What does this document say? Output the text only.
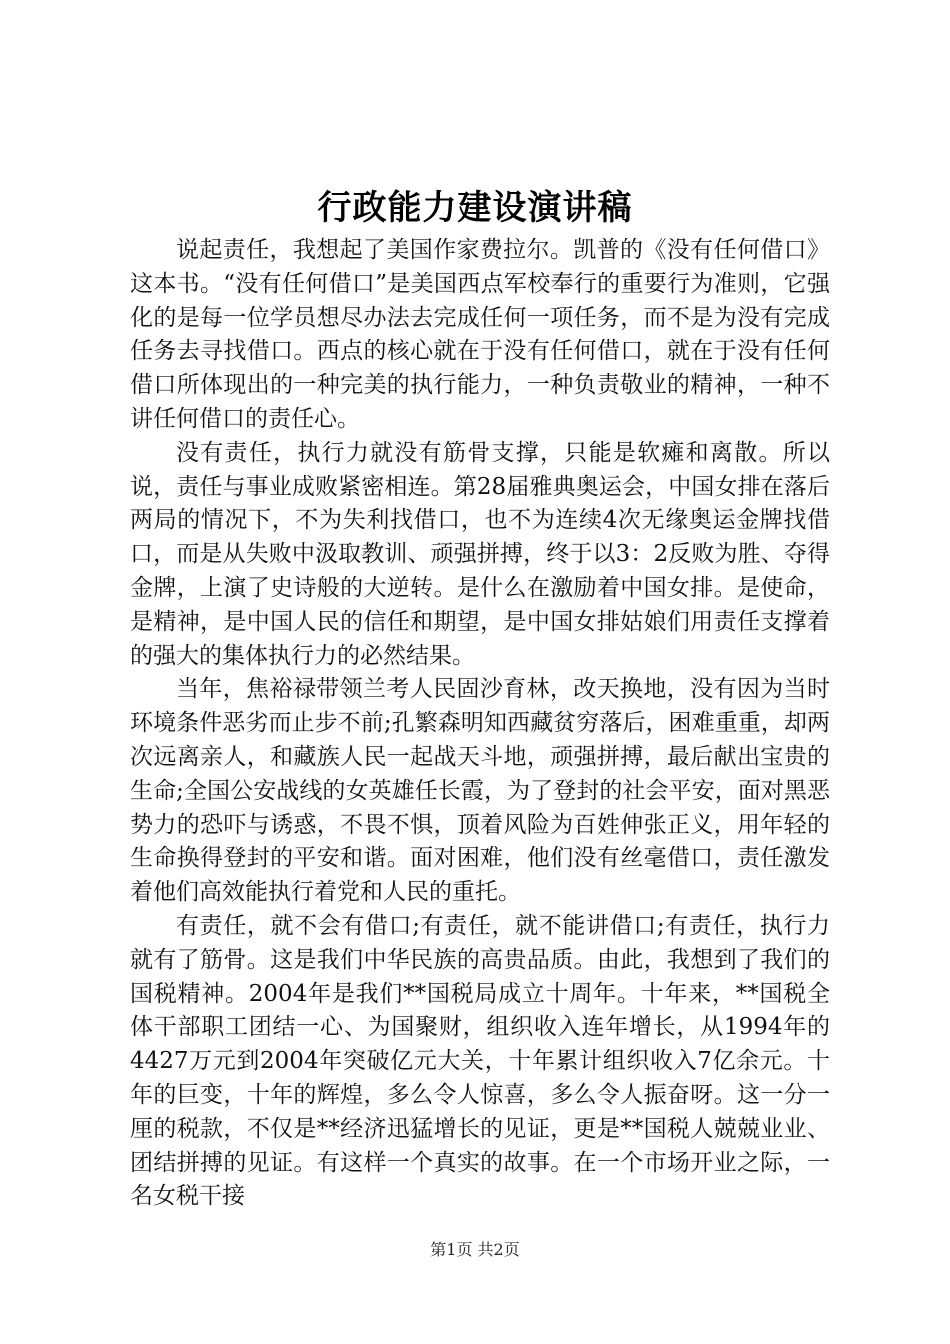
行政能力建设演讲稿

说起责任，我想起了美国作家费拉尔。凯普的《没有任何借口》这本书。“没有任何借口”是美国西点军校奉行的重要行为准则，它强化的是每一位学员想尽办法去完成任何一项任务，而不是为没有完成任务去寻找借口。西点的核心就在于没有任何借口，就在于没有任何借口所体现出的一种完美的执行能力，一种负责敬业的精神，一种不讲任何借口的责任心。

没有责任，执行力就没有筋骨支撑，只能是软瘫和离散。所以说，责任与事业成败紧密相连。第28届雅典奥运会，中国女排在落后两局的情况下，不为失利找借口，也不为连续4次无缘奥运金牌找借口，而是从失败中汲取教训、顽强拼搏，终于以3：2反败为胜、夺得金牌，上演了史诗般的大逆转。是什么在激励着中国女排。是使命，是精神，是中国人民的信任和期望，是中国女排姑娘们用责任支撑着的强大的集体执行力的必然结果。

当年，焦裕禄带领兰考人民固沙育林，改天换地，没有因为当时环境条件恶劣而止步不前;孔繁森明知西藏贫穷落后，困难重重，却两次远离亲人，和藏族人民一起战天斗地，顽强拼搏，最后献出宝贵的生命;全国公安战线的女英雄任长霞，为了登封的社会平安，面对黑恶势力的恐吓与诱惑，不畏不惧，顶着风险为百姓伸张正义，用年轻的生命换得登封的平安和谐。面对困难，他们没有丝毫借口，责任激发着他们高效能执行着党和人民的重托。

有责任，就不会有借口;有责任，就不能讲借口;有责任，执行力就有了筋骨。这是我们中华民族的高贵品质。由此，我想到了我们的国税精神。2004年是我们**国税局成立十周年。十年来，**国税全体干部职工团结一心、为国聚财，组织收入连年增长，从1994年的4427万元到2004年突破亿元大关，十年累计组织收入7亿余元。十年的巨变，十年的辉煌，多么令人惊喜，多么令人振奋呀。这一分一厘的税款，不仅是**经济迅猛增长的见证，更是**国税人兢兢业业、团结拼搏的见证。有这样一个真实的故事。在一个市场开业之际，一名女税干接

第1页 共2页
